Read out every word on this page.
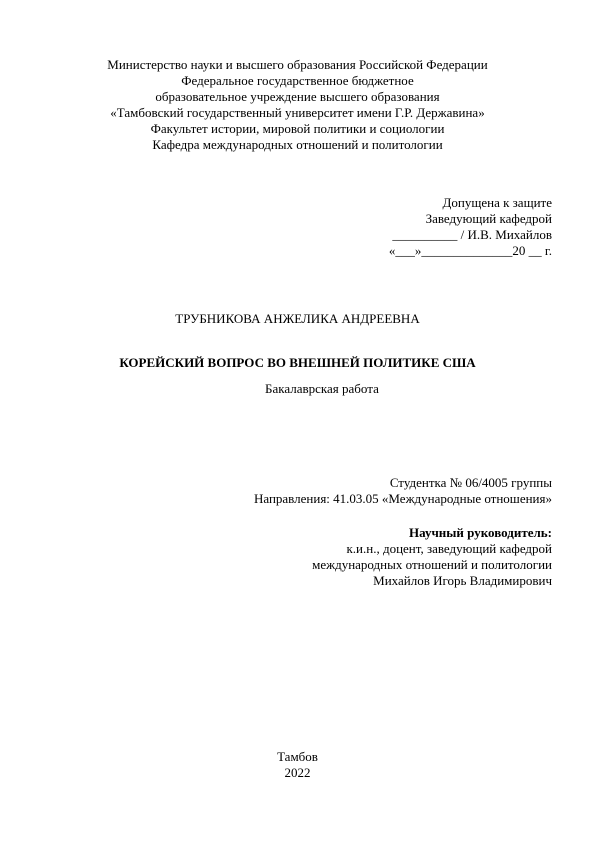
Министерство науки и высшего образования Российской Федерации
Федеральное государственное бюджетное
образовательное учреждение высшего образования
«Тамбовский государственный университет имени Г.Р. Державина»
Факультет истории, мировой политики и социологии
Кафедра международных отношений и политологии
Допущена к защите
Заведующий кафедрой
__________ / И.В. Михайлов
«___»______________20 __ г.
ТРУБНИКОВА АНЖЕЛИКА АНДРЕЕВНА
КОРЕЙСКИЙ ВОПРОС ВО ВНЕШНЕЙ ПОЛИТИКЕ США
Бакалаврская работа
Студентка № 06/4005 группы
Направления: 41.03.05 «Международные отношения»
Научный руководитель:
к.и.н., доцент, заведующий кафедрой
международных отношений и политологии
Михайлов Игорь Владимирович
Тамбов
2022
